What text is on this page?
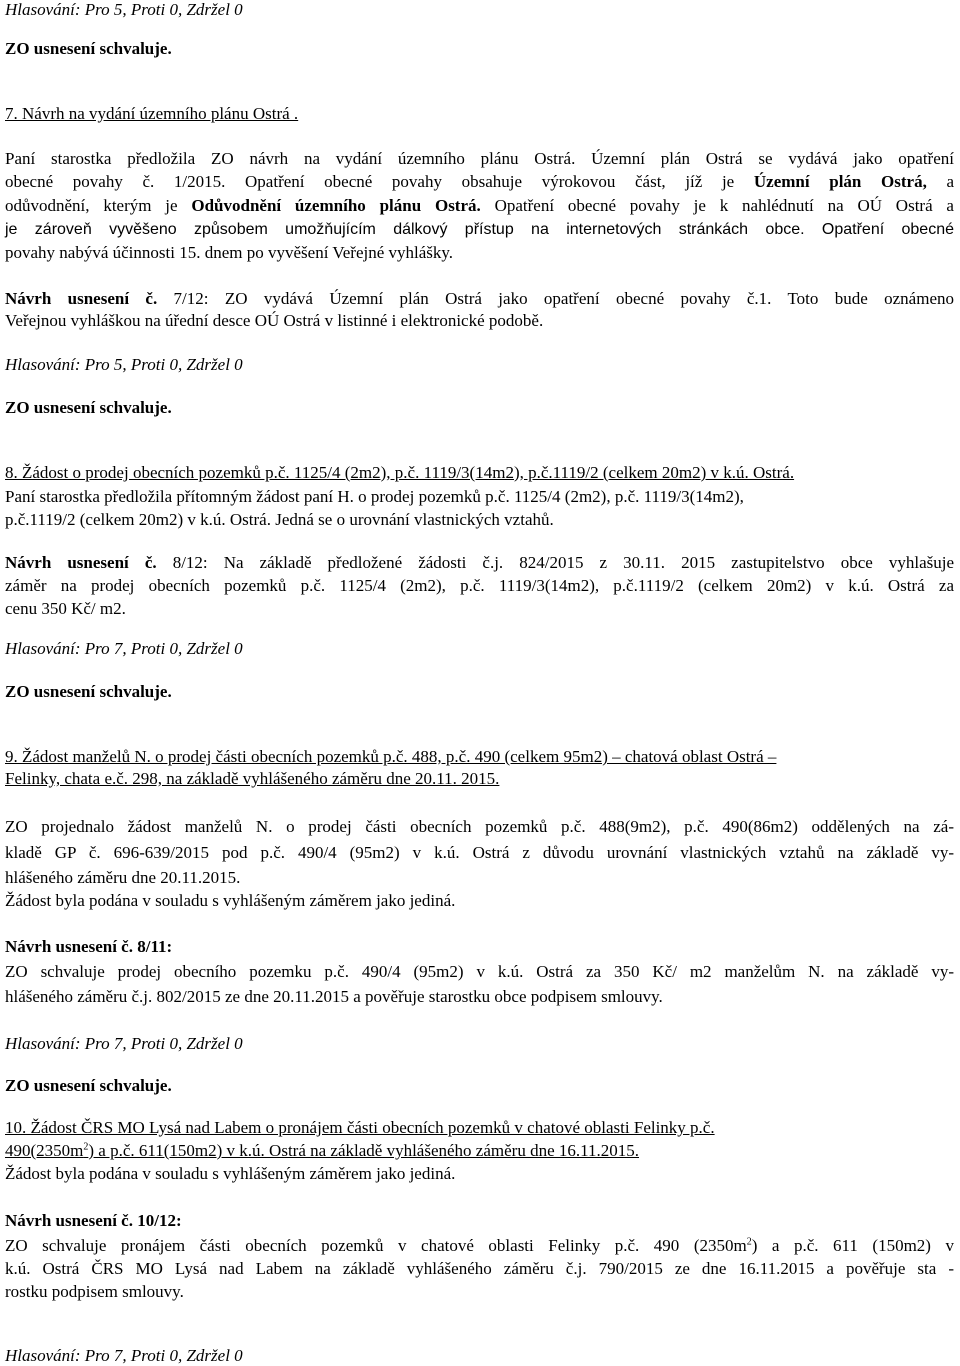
Hlasování: Pro 5, Proti 0, Zdržel 0
ZO usnesení schvaluje.
7. Návrh na vydání územního plánu Ostrá .
Paní starostka předložila ZO návrh na vydání územního plánu Ostrá. Územní plán Ostrá se vydává jako opatření
obecné povahy č. 1/2015. Opatření obecné povahy obsahuje výrokovou část, jíž je Územní plán Ostrá, a
odůvodnění, kterým je Odůvodnění územního plánu Ostrá. Opatření obecné povahy je k nahlédnutí na OÚ Ostrá a
je zároveň vyvěšeno způsobem umožňujícím dálkový přístup na internetových stránkách obce. Opatření obecné
povahy nabývá účinnosti 15. dnem po vyvěšení Veřejné vyhlášky.
Návrh usnesení č. 7/12: ZO vydává Územní plán Ostrá jako opatření obecné povahy č.1. Toto bude oznámeno
Veřejnou vyhláškou na úřední desce OÚ Ostrá v listinné i elektronické podobě.
Hlasování: Pro 5, Proti 0, Zdržel 0
ZO usnesení schvaluje.
8. Žádost o prodej obecních pozemků p.č. 1125/4 (2m2), p.č. 1119/3(14m2), p.č.1119/2 (celkem 20m2) v k.ú. Ostrá.
Paní starostka předložila přítomným žádost paní H. o prodej pozemků p.č. 1125/4 (2m2), p.č. 1119/3(14m2),
p.č.1119/2 (celkem 20m2) v k.ú. Ostrá. Jedná se o urovnání vlastnických vztahů.
Návrh usnesení č. 8/12: Na základě předložené žádosti č.j. 824/2015 z 30.11. 2015 zastupitelstvo obce vyhlašuje
záměr na prodej obecních pozemků p.č. 1125/4 (2m2), p.č. 1119/3(14m2), p.č.1119/2 (celkem 20m2) v k.ú. Ostrá za
cenu 350 Kč/ m2.
Hlasování: Pro 7, Proti 0, Zdržel 0
ZO usnesení schvaluje.
9. Žádost manželů N. o prodej části obecních pozemků p.č. 488, p.č. 490 (celkem 95m2) – chatová oblast Ostrá –
Felinky, chata e.č. 298, na základě vyhlášeného záměru dne 20.11. 2015.
ZO projednalo žádost manželů N. o prodej části obecních pozemků p.č. 488(9m2), p.č. 490(86m2) oddělených na zá-
kladě GP č. 696-639/2015 pod p.č. 490/4 (95m2) v k.ú. Ostrá z důvodu urovnání vlastnických vztahů na základě vy-
hlášeného záměru dne 20.11.2015.
Žádost byla podána v souladu s vyhlášeným záměrem jako jediná.
Návrh usnesení č. 8/11:
ZO schvaluje prodej obecního pozemku p.č. 490/4 (95m2) v k.ú. Ostrá za 350 Kč/ m2 manželům N. na základě vy-
hlášeného záměru č.j. 802/2015 ze dne 20.11.2015 a pověřuje starostku obce podpisem smlouvy.
Hlasování: Pro 7, Proti 0, Zdržel 0
ZO usnesení schvaluje.
10. Žádost ČRS MO Lysá nad Labem o pronájem části obecních pozemků v chatové oblasti Felinky p.č.
$490(2350m^2)$ a p.č. 611(150m2) v k.ú. Ostrá na základě vyhlášeného záměru dne 16.11.2015.
Žádost byla podána v souladu s vyhlášeným záměrem jako jediná.
Návrh usnesení č. 10/12:
ZO schvaluje pronájem části obecních pozemků v chatové oblasti Felinky p.č. 490 $(2350m^2)$ a p.č. 611 (150m2) v
k.ú. Ostrá ČRS MO Lysá nad Labem na základě vyhlášeného záměru č.j. 790/2015 ze dne 16.11.2015 a pověřuje sta -
rostku podpisem smlouvy.
Hlasování: Pro 7, Proti 0, Zdržel 0
